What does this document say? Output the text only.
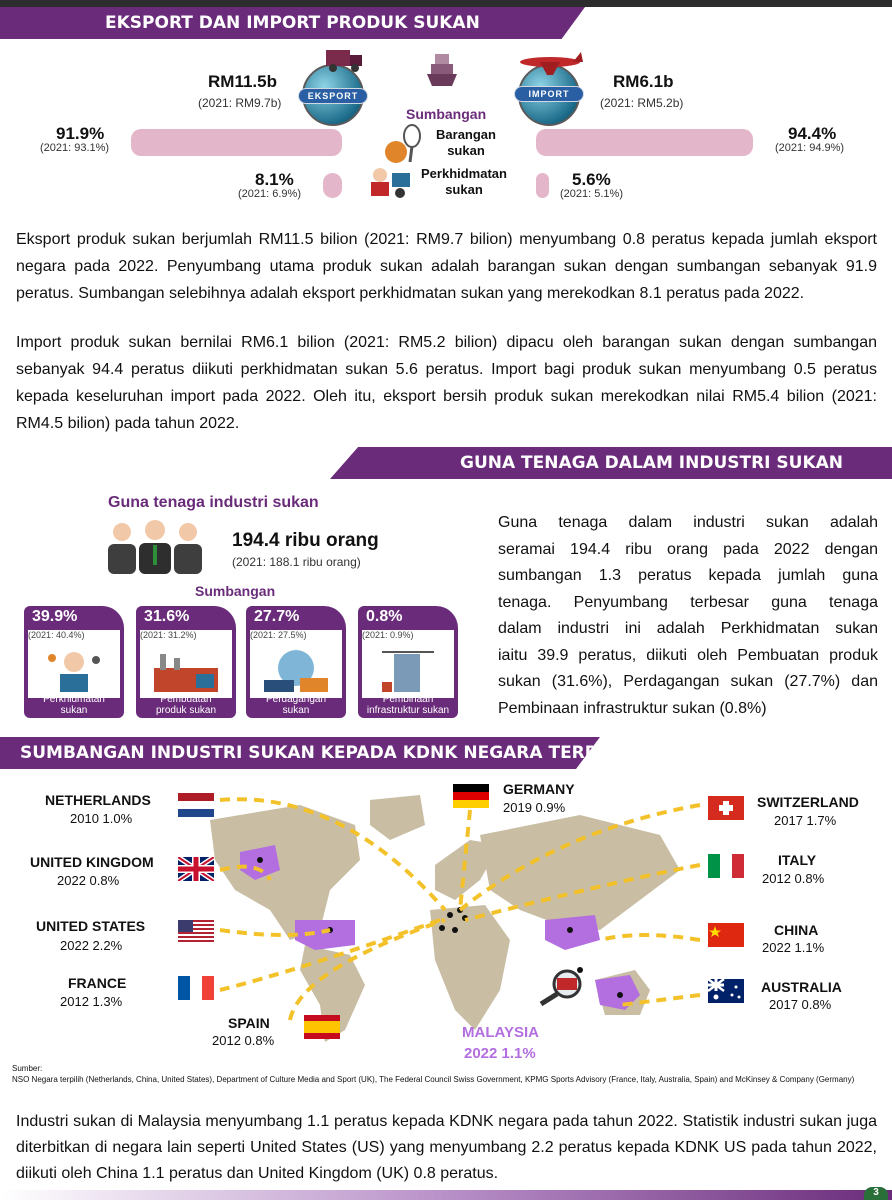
EKSPORT DAN IMPORT PRODUK SUKAN
RM11.5b
(2021: RM9.7b)	EKSPORT
Sumbangan
IMPORT
RM6.1b
(2021: RM5.2b)
91.9%
(2021: 93.1%)
8.1%
(2021: 6.9%)
94.4%
(2021: 94.9%)
5.6%
(2021: 5.1%)
Barangan
sukan
Perkhidmatan
sukan
Eksport produk sukan berjumlah RM11.5 bilion (2021: RM9.7 bilion) menyumbang 0.8 peratus kepada jumlah eksport negara pada 2022. Penyumbang utama produk sukan adalah barangan sukan dengan sumbangan sebanyak 91.9 peratus. Sumbangan selebihnya adalah eksport perkhidmatan sukan yang merekodkan 8.1 peratus pada 2022.
Import produk sukan bernilai RM6.1 bilion (2021: RM5.2 bilion) dipacu oleh barangan sukan dengan sumbangan sebanyak 94.4 peratus diikuti perkhidmatan sukan 5.6 peratus. Import bagi produk sukan menyumbang 0.5 peratus kepada keseluruhan import pada 2022. Oleh itu, eksport bersih produk sukan merekodkan nilai RM5.4 bilion (2021: RM4.5 bilion) pada tahun 2022.
GUNA TENAGA DALAM INDUSTRI SUKAN
Guna tenaga industri sukan
194.4 ribu orang
(2021: 188.1 ribu orang)
Sumbangan
39.9%
(2021: 40.4%)
Perkhidmatan
sukan
31.6%
(2021: 31.2%)
Pembuatan
produk sukan
27.7%
(2021: 27.5%)
Perdagangan
sukan
0.8%
(2021: 0.9%)
Pembinaan
infrastruktur sukan
Guna tenaga dalam industri sukan adalah
seramai 194.4 ribu orang pada 2022 dengan
sumbangan 1.3 peratus kepada jumlah guna
tenaga. Penyumbang terbesar guna tenaga
dalam industri ini adalah Perkhidmatan sukan
iaitu 39.9 peratus, diikuti oleh Pembuatan produk
sukan (31.6%), Perdagangan sukan (27.7%) dan
Pembinaan infrastruktur sukan (0.8%)
SUMBANGAN INDUSTRI SUKAN KEPADA KDNK NEGARA TERPILIH
NETHERLANDS
2010 1.0%
UNITED KINGDOM
2022 0.8%
UNITED STATES
2022 2.2%
FRANCE
2012 1.3%
SPAIN
2012 0.8%
GERMANY
2019 0.9%	SWITZERLAND
2017 1.7%
ITALY
2012 0.8%
CHINA
2022 1.1%
AUSTRALIA
2017 0.8%
MALAYSIA
2022 1.1%
Sumber:
NSO Negara terpilih (Netherlands, China, United States), Department of Culture Media and Sport (UK), The Federal Council Swiss Government, KPMG Sports Advisory (France, Italy, Australia, Spain) and McKinsey & Company (Germany)
Industri sukan di Malaysia menyumbang 1.1 peratus kepada KDNK negara pada tahun 2022. Statistik industri sukan juga diterbitkan di negara lain seperti United States (US) yang menyumbang 2.2 peratus kepada KDNK US pada tahun 2022, diikuti oleh China 1.1 peratus dan United Kingdom (UK) 0.8 peratus.
3
